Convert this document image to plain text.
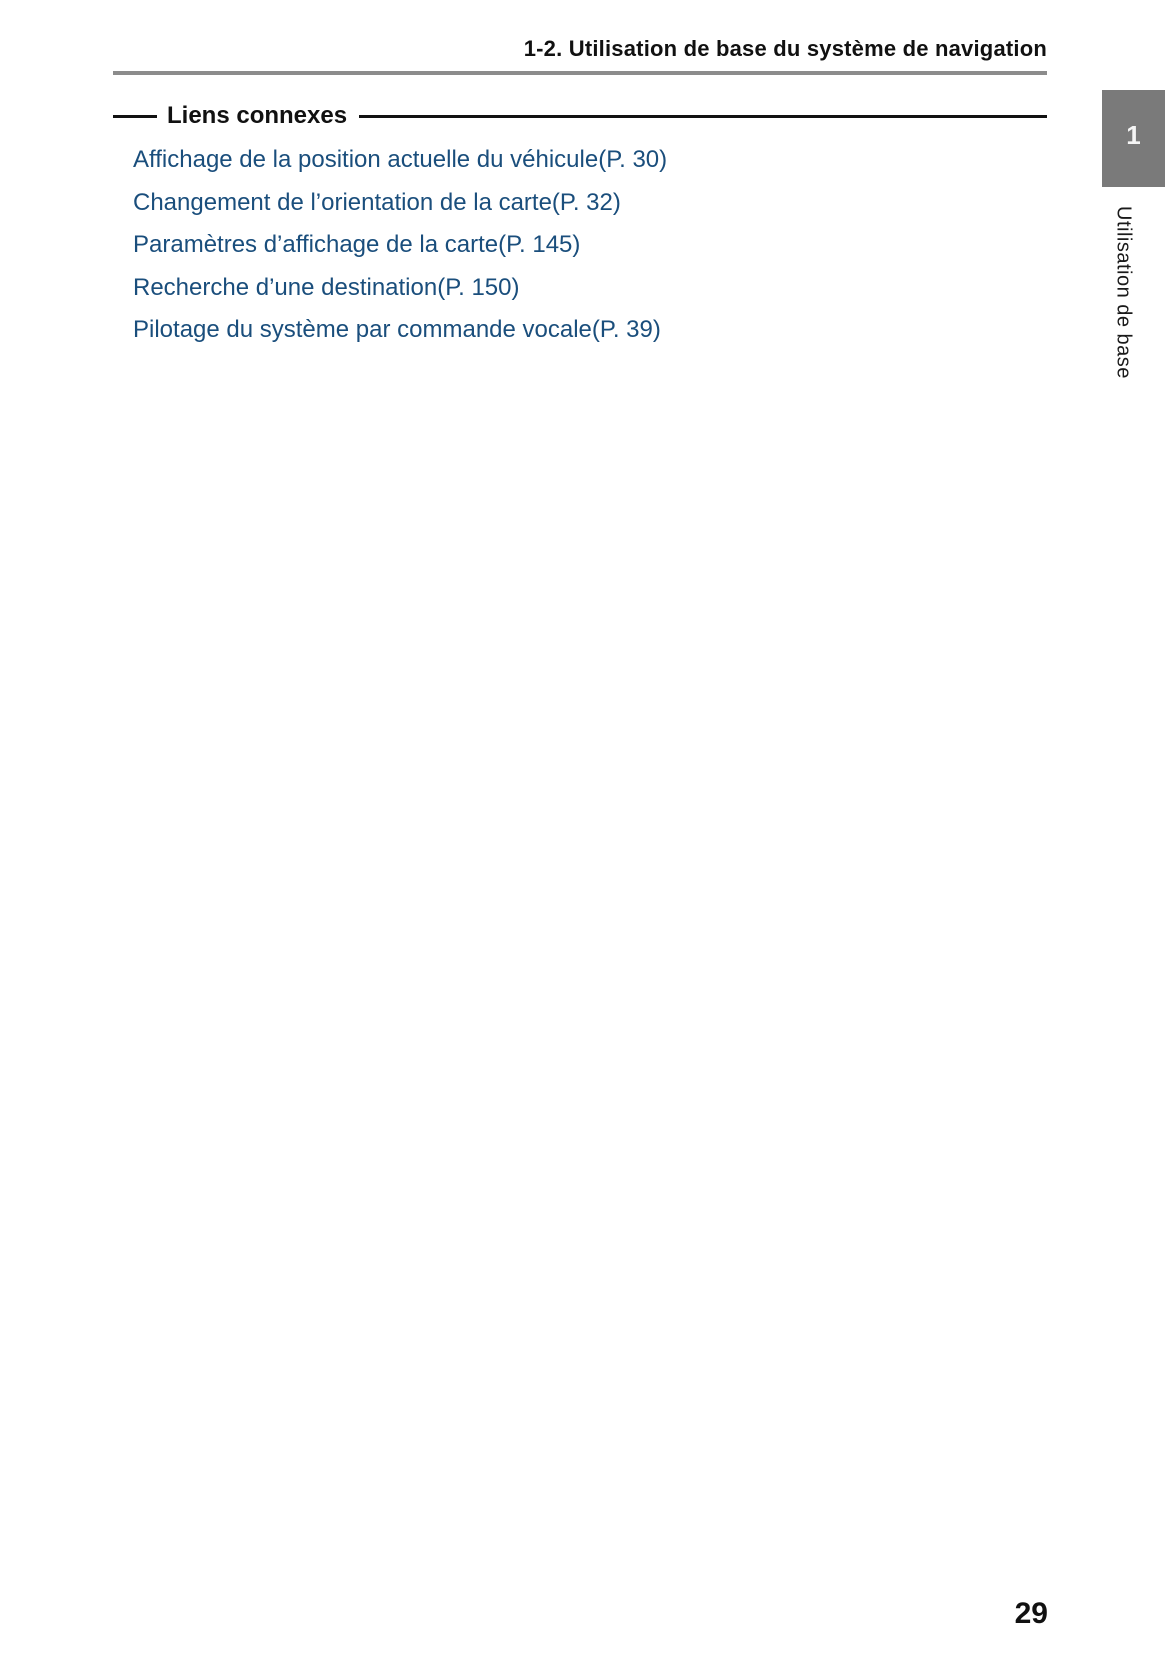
1-2. Utilisation de base du système de navigation
Liens connexes
Affichage de la position actuelle du véhicule(P. 30)
Changement de l’orientation de la carte(P. 32)
Paramètres d’affichage de la carte(P. 145)
Recherche d’une destination(P. 150)
Pilotage du système par commande vocale(P. 39)
1
Utilisation de base
29
